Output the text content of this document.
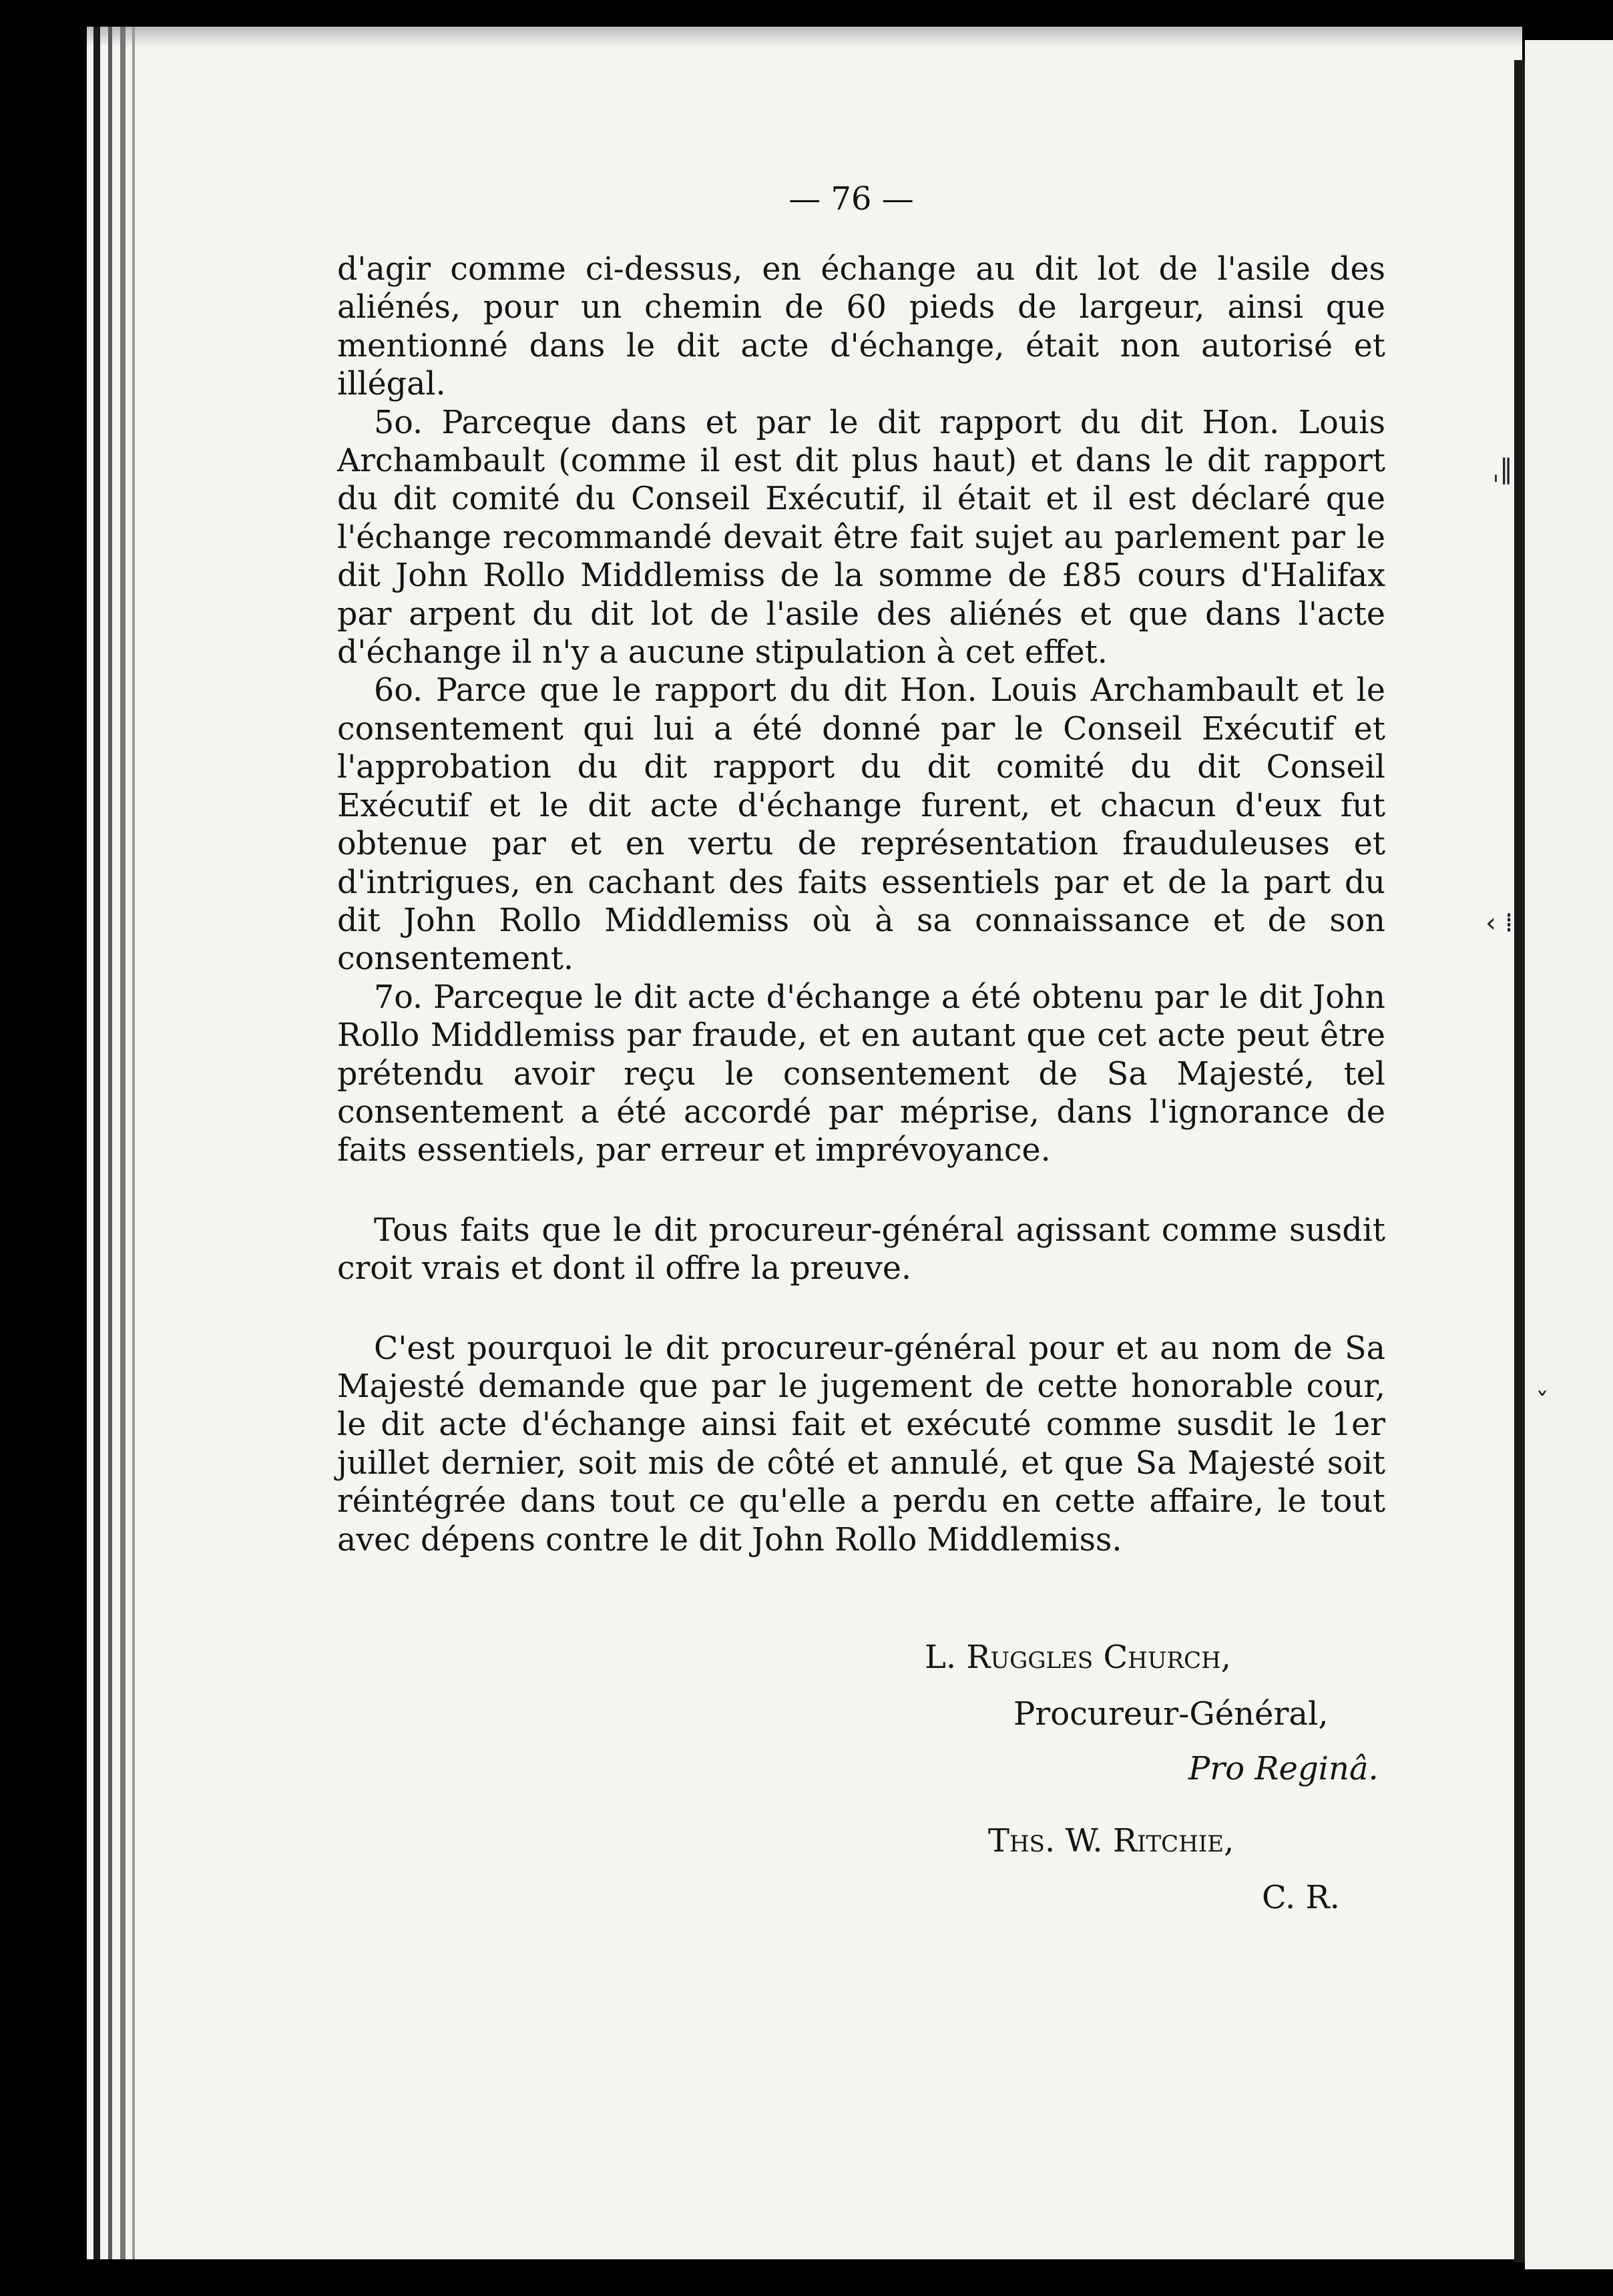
ˌ‖
‹ ⁞
ˇ
— 76 —

d'agir comme ci-dessus, en échange au dit lot de l'asile des aliénés, pour un chemin de 60 pieds de largeur, ainsi que mentionné dans le dit acte d'échange, était non autorisé et illégal.

5o. Parceque dans et par le dit rapport du dit Hon. Louis Archambault (comme il est dit plus haut) et dans le dit rapport du dit comité du Conseil Exécutif, il était et il est déclaré que l'échange recommandé devait être fait sujet au parlement par le dit John Rollo Middlemiss de la somme de £85 cours d'Halifax par arpent du dit lot de l'asile des aliénés et que dans l'acte d'échange il n'y a aucune stipulation à cet effet.

6o. Parce que le rapport du dit Hon. Louis Archambault et le consentement qui lui a été donné par le Conseil Exécutif et l'approbation du dit rapport du dit comité du dit Conseil Exécutif et le dit acte d'échange furent, et chacun d'eux fut obtenue par et en vertu de représentation frauduleuses et d'intrigues, en cachant des faits essentiels par et de la part du dit John Rollo Middlemiss où à sa connaissance et de son consentement.

7o. Parceque le dit acte d'échange a été obtenu par le dit John Rollo Middlemiss par fraude, et en autant que cet acte peut être prétendu avoir reçu le consentement de Sa Majesté, tel consentement a été accordé par méprise, dans l'ignorance de faits essentiels, par erreur et imprévoyance.

Tous faits que le dit procureur-général agissant comme susdit croit vrais et dont il offre la preuve.

C'est pourquoi le dit procureur-général pour et au nom de Sa Majesté demande que par le jugement de cette honorable cour, le dit acte d'échange ainsi fait et exécuté comme susdit le 1er juillet dernier, soit mis de côté et annulé, et que Sa Majesté soit réintégrée dans tout ce qu'elle a perdu en cette affaire, le tout avec dépens contre le dit John Rollo Middlemiss.

L. Ruggles Church,
Procureur-Général,
Pro Reginâ.
Ths. W. Ritchie,
C. R.
